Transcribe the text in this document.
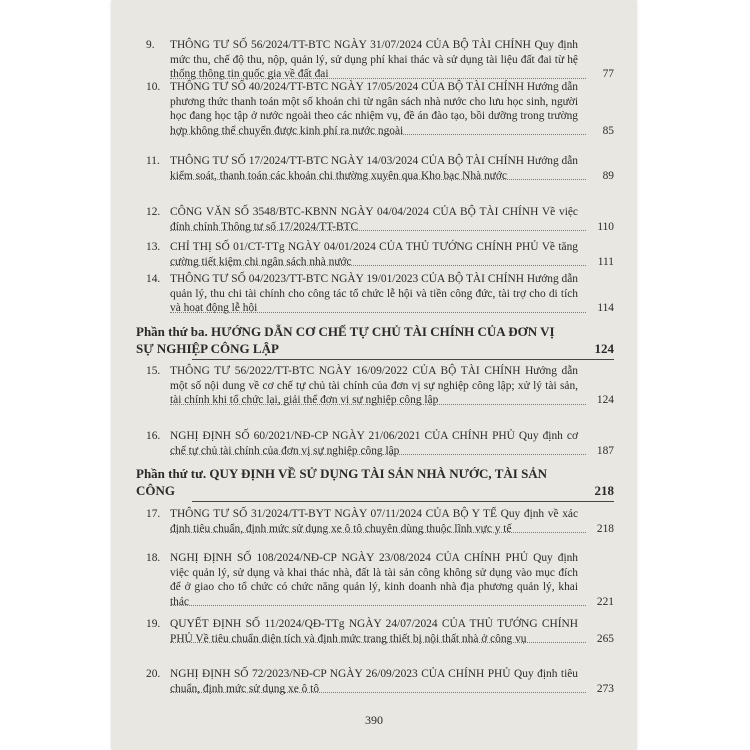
9. THÔNG TƯ SỐ 56/2024/TT-BTC NGÀY 31/07/2024 CỦA BỘ TÀI CHÍNH Quy định mức thu, chế độ thu, nộp, quản lý, sử dụng phí khai thác và sử dụng tài liệu đất đai từ hệ thống thông tin quốc gia về đất đai	77
10. THÔNG TƯ SỐ 40/2024/TT-BTC NGÀY 17/05/2024 CỦA BỘ TÀI CHÍNH Hướng dẫn phương thức thanh toán một số khoản chi từ ngân sách nhà nước cho lưu học sinh, người học đang học tập ở nước ngoài theo các nhiệm vụ, đề án đào tạo, bồi dưỡng trong trường hợp không thể chuyển được kinh phí ra nước ngoài	85
11. THÔNG TƯ SỐ 17/2024/TT-BTC NGÀY 14/03/2024 CỦA BỘ TÀI CHÍNH Hướng dẫn kiểm soát, thanh toán các khoản chi thường xuyên qua Kho bạc Nhà nước	89
12. CÔNG VĂN SỐ 3548/BTC-KBNN NGÀY 04/04/2024 CỦA BỘ TÀI CHÍNH Về việc đính chính Thông tư số 17/2024/TT-BTC	110
13. CHỈ THỊ SỐ 01/CT-TTg NGÀY 04/01/2024 CỦA THỦ TƯỚNG CHÍNH PHỦ Về tăng cường tiết kiệm chi ngân sách nhà nước	111
14. THÔNG TƯ SỐ 04/2023/TT-BTC NGÀY 19/01/2023 CỦA BỘ TÀI CHÍNH Hướng dẫn quản lý, thu chi tài chính cho công tác tổ chức lễ hội và tiền công đức, tài trợ cho di tích và hoạt động lễ hội	114
Phần thứ ba. HƯỚNG DẪN CƠ CHẾ TỰ CHỦ TÀI CHÍNH CỦA ĐƠN VỊ SỰ NGHIỆP CÔNG LẬP	124
15. THÔNG TƯ 56/2022/TT-BTC NGÀY 16/09/2022 CỦA BỘ TÀI CHÍNH Hướng dẫn một số nội dung về cơ chế tự chủ tài chính của đơn vị sự nghiệp công lập; xử lý tài sản, tài chính khi tổ chức lại, giải thể đơn vị sự nghiệp công lập	124
16. NGHỊ ĐỊNH SỐ 60/2021/NĐ-CP NGÀY 21/06/2021 CỦA CHÍNH PHỦ Quy định cơ chế tự chủ tài chính của đơn vị sự nghiệp công lập	187
Phần thứ tư. QUY ĐỊNH VỀ SỬ DỤNG TÀI SẢN NHÀ NƯỚC, TÀI SẢN CÔNG	218
17. THÔNG TƯ SỐ 31/2024/TT-BYT NGÀY 07/11/2024 CỦA BỘ Y TẾ Quy định về xác định tiêu chuẩn, định mức sử dụng xe ô tô chuyên dùng thuộc lĩnh vực y tế	218
18. NGHỊ ĐỊNH SỐ 108/2024/NĐ-CP NGÀY 23/08/2024 CỦA CHÍNH PHỦ Quy định việc quản lý, sử dụng và khai thác nhà, đất là tài sản công không sử dụng vào mục đích để ở giao cho tổ chức có chức năng quản lý, kinh doanh nhà địa phương quản lý, khai thác	221
19. QUYẾT ĐỊNH SỐ 11/2024/QĐ-TTg NGÀY 24/07/2024 CỦA THỦ TƯỚNG CHÍNH PHỦ Về tiêu chuẩn diện tích và định mức trang thiết bị nội thất nhà ở công vụ	265
20. NGHỊ ĐỊNH SỐ 72/2023/NĐ-CP NGÀY 26/09/2023 CỦA CHÍNH PHỦ Quy định tiêu chuẩn, định mức sử dụng xe ô tô	273
390
